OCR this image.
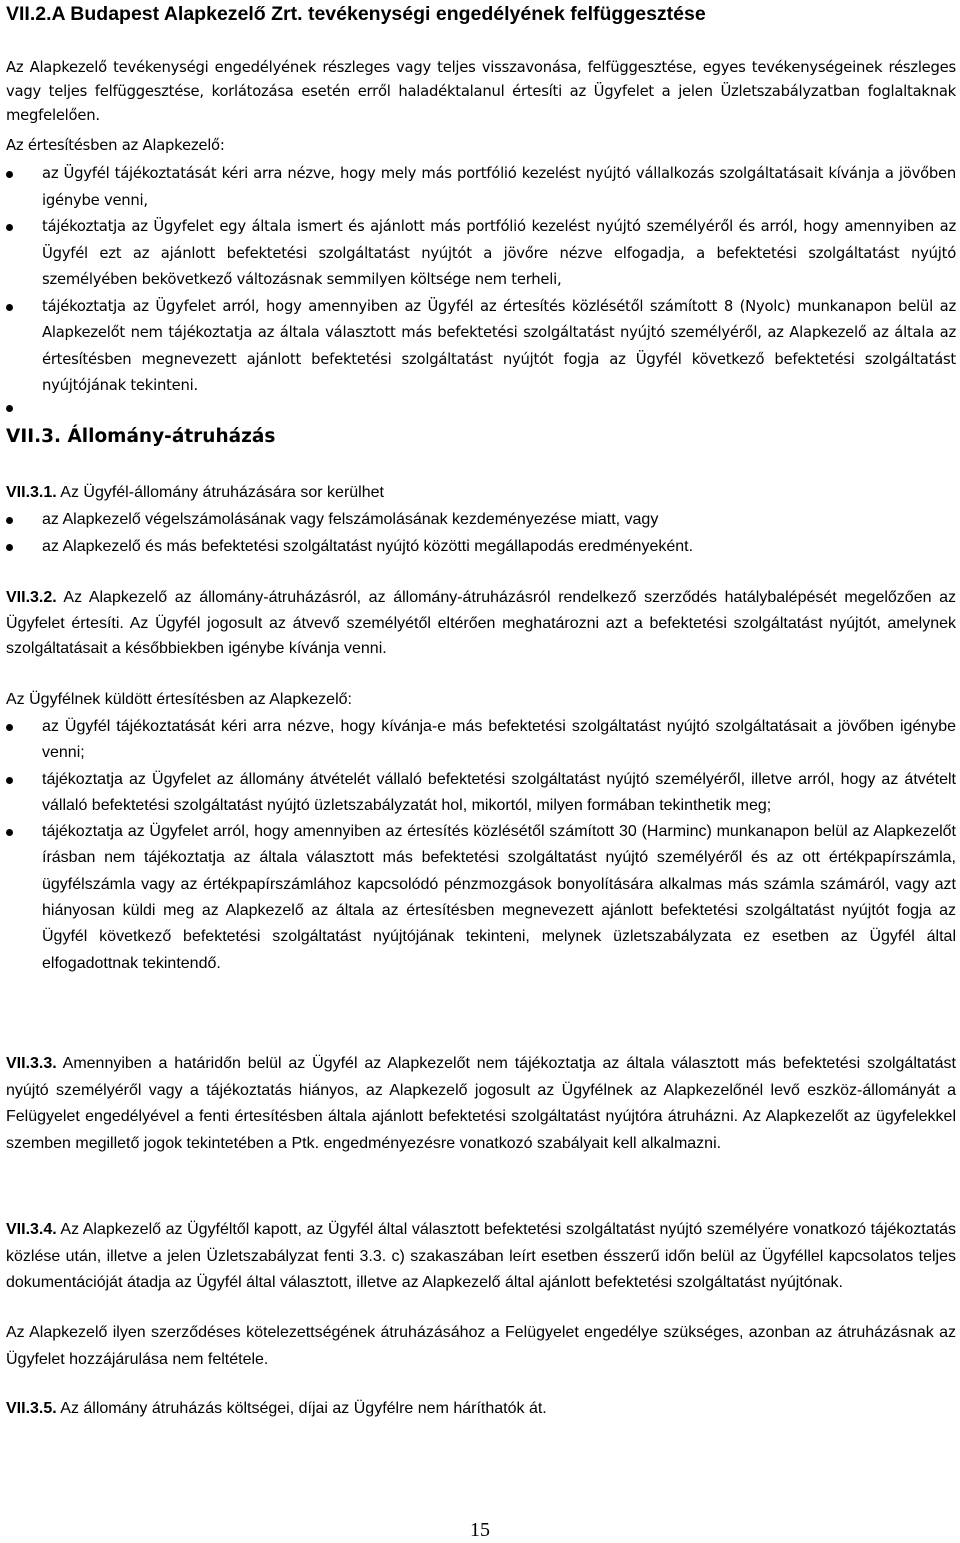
VII.2.A Budapest Alapkezelő Zrt. tevékenységi engedélyének felfüggesztése
Az Alapkezelő tevékenységi engedélyének részleges vagy teljes visszavonása, felfüggesztése, egyes tevékenységeinek részleges vagy teljes felfüggesztése, korlátozása esetén erről haladéktalanul értesíti az Ügyfelet a jelen Üzletszabályzatban foglaltaknak megfelelően.
Az értesítésben az Alapkezelő:
az Ügyfél tájékoztatását kéri arra nézve, hogy mely más portfólió kezelést nyújtó vállalkozás szolgáltatásait kívánja a jövőben igénybe venni,
tájékoztatja az Ügyfelet egy általa ismert és ajánlott más portfólió kezelést nyújtó személyéről és arról, hogy amennyiben az Ügyfél ezt az ajánlott befektetési szolgáltatást nyújtót a jövőre nézve elfogadja, a befektetési szolgáltatást nyújtó személyében bekövetkező változásnak semmilyen költsége nem terheli,
tájékoztatja az Ügyfelet arról, hogy amennyiben az Ügyfél az értesítés közlésétől számított 8 (Nyolc) munkanapon belül az Alapkezelőt nem tájékoztatja az általa választott más befektetési szolgáltatást nyújtó személyéről, az Alapkezelő az általa az értesítésben megnevezett ajánlott befektetési szolgáltatást nyújtót fogja az Ügyfél következő befektetési szolgáltatást nyújtójának tekinteni.
VII.3. Állomány-átruházás
VII.3.1. Az Ügyfél-állomány átruházására sor kerülhet
az Alapkezelő végelszámolásának vagy felszámolásának kezdeményezése miatt, vagy
az Alapkezelő és más befektetési szolgáltatást nyújtó közötti megállapodás eredményeként.
VII.3.2. Az Alapkezelő az állomány-átruházásról, az állomány-átruházásról rendelkező szerződés hatálybalépését megelőzően az Ügyfelet értesíti. Az Ügyfél jogosult az átvevő személyétől eltérően meghatározni azt a befektetési szolgáltatást nyújtót, amelynek szolgáltatásait a későbbiekben igénybe kívánja venni.
Az Ügyfélnek küldött értesítésben az Alapkezelő:
az Ügyfél tájékoztatását kéri arra nézve, hogy kívánja-e más befektetési szolgáltatást nyújtó szolgáltatásait a jövőben igénybe venni;
tájékoztatja az Ügyfelet az állomány átvételét vállaló befektetési szolgáltatást nyújtó személyéről, illetve arról, hogy az átvételt vállaló befektetési szolgáltatást nyújtó üzletszabályzatát hol, mikortól, milyen formában tekinthetik meg;
tájékoztatja az Ügyfelet arról, hogy amennyiben az értesítés közlésétől számított 30 (Harminc) munkanapon belül az Alapkezelőt írásban nem tájékoztatja az általa választott más befektetési szolgáltatást nyújtó személyéről és az ott értékpapírszámla, ügyfélszámla vagy az értékpapírszámlához kapcsolódó pénzmozgások bonyolítására alkalmas más számla számáról, vagy azt hiányosan küldi meg az Alapkezelő az általa az értesítésben megnevezett ajánlott befektetési szolgáltatást nyújtót fogja az Ügyfél következő befektetési szolgáltatást nyújtójának tekinteni, melynek üzletszabályzata ez esetben az Ügyfél által elfogadottnak tekintendő.
VII.3.3. Amennyiben a határidőn belül az Ügyfél az Alapkezelőt nem tájékoztatja az általa választott más befektetési szolgáltatást nyújtó személyéről vagy a tájékoztatás hiányos, az Alapkezelő jogosult az Ügyfélnek az Alapkezelőnél levő eszköz-állományát a Felügyelet engedélyével a fenti értesítésben általa ajánlott befektetési szolgáltatást nyújtóra átruházni. Az Alapkezelőt az ügyfelekkel szemben megillető jogok tekintetében a Ptk. engedményezésre vonatkozó szabályait kell alkalmazni.
VII.3.4. Az Alapkezelő az Ügyféltől kapott, az Ügyfél által választott befektetési szolgáltatást nyújtó személyére vonatkozó tájékoztatás közlése után, illetve a jelen Üzletszabályzat fenti 3.3. c) szakaszában leírt esetben ésszerű időn belül az Ügyféllel kapcsolatos teljes dokumentációját átadja az Ügyfél által választott, illetve az Alapkezelő által ajánlott befektetési szolgáltatást nyújtónak.
Az Alapkezelő ilyen szerződéses kötelezettségének átruházásához a Felügyelet engedélye szükséges, azonban az átruházásnak az Ügyfelet hozzájárulása nem feltétele.
VII.3.5. Az állomány átruházás költségei, díjai az Ügyfélre nem háríthatók át.
15
